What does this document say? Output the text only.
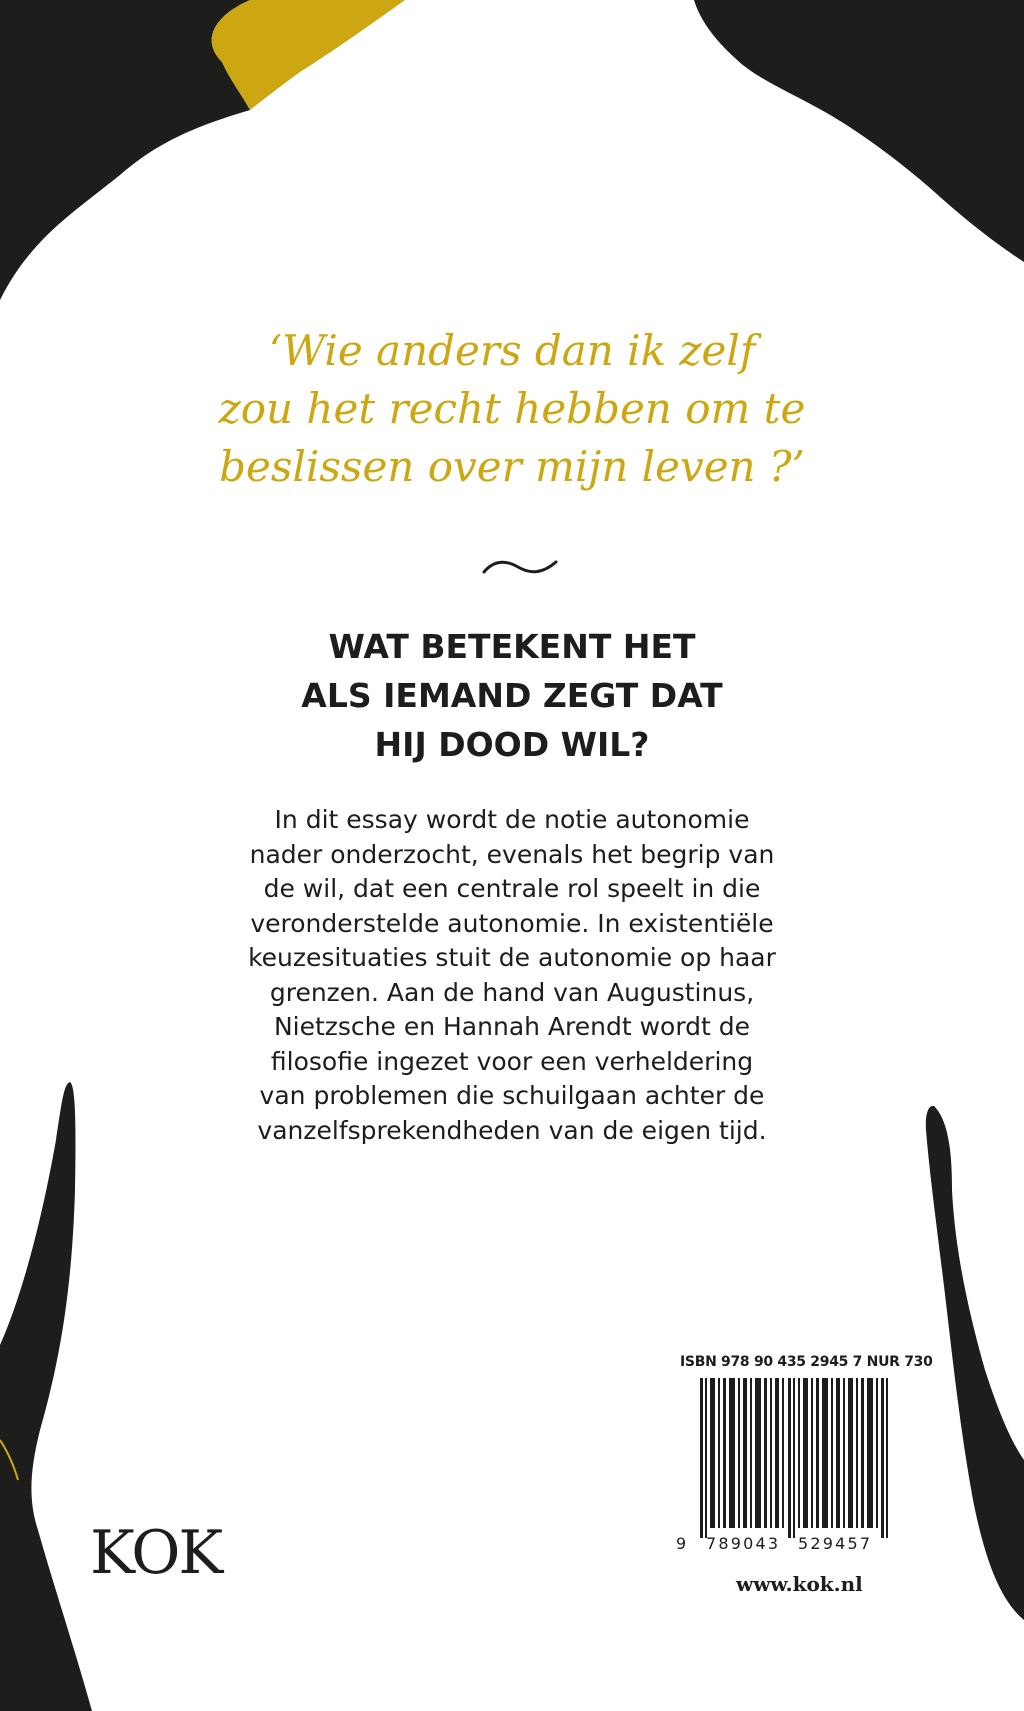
‘Wie anders dan ik zelf
zou het recht hebben om te
beslissen over mijn leven ?’

WAT BETEKENT HET
ALS IEMAND ZEGT DAT
HIJ DOOD WIL?

In dit essay wordt de notie autonomie
nader onderzocht, evenals het begrip van
de wil, dat een centrale rol speelt in die
veronderstelde autonomie. In existentiële
keuzesituaties stuit de autonomie op haar
grenzen. Aan de hand van Augustinus,
Nietzsche en Hannah Arendt wordt de
filosofie ingezet voor een verheldering
van problemen die schuilgaan achter de
vanzelfsprekendheden van de eigen tijd.

ISBN 978 90 435 2945 7 NUR 730
9 789043 529457
www.kok.nl
KOK
